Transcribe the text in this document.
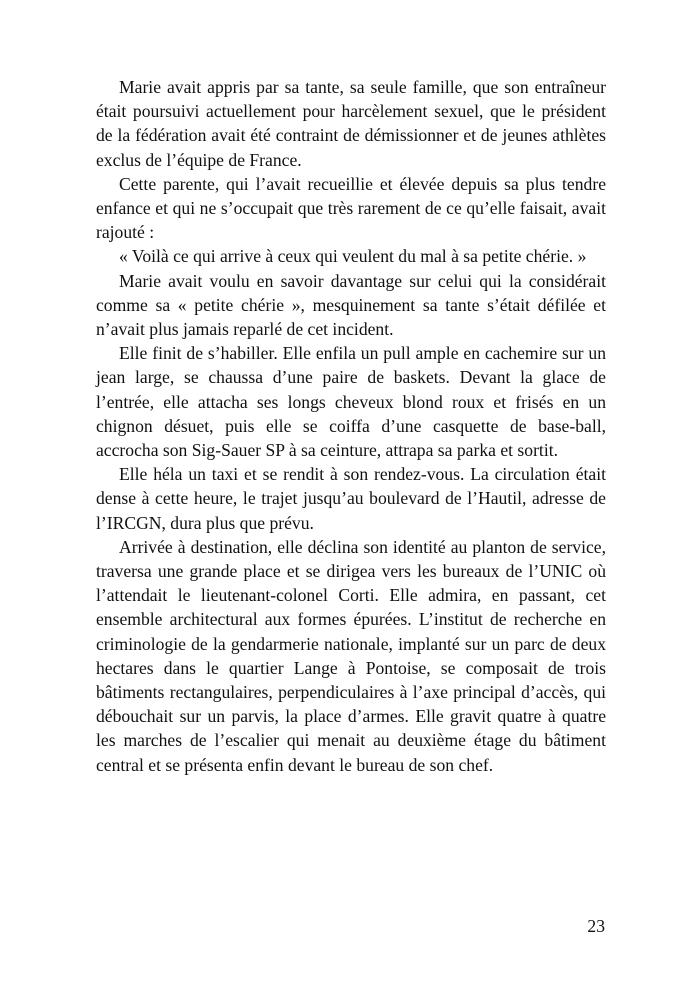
Marie avait appris par sa tante, sa seule famille, que son entraîneur était poursuivi actuellement pour harcèlement sexuel, que le président de la fédération avait été contraint de démissionner et de jeunes athlètes exclus de l’équipe de France.

Cette parente, qui l’avait recueillie et élevée depuis sa plus tendre enfance et qui ne s’occupait que très rarement de ce qu’elle faisait, avait rajouté :

« Voilà ce qui arrive à ceux qui veulent du mal à sa petite chérie. »

Marie avait voulu en savoir davantage sur celui qui la considérait comme sa « petite chérie », mesquinement sa tante s’était défilée et n’avait plus jamais reparlé de cet incident.

Elle finit de s’habiller. Elle enfila un pull ample en cachemire sur un jean large, se chaussa d’une paire de baskets. Devant la glace de l’entrée, elle attacha ses longs cheveux blond roux et frisés en un chignon désuet, puis elle se coiffa d’une casquette de base-ball, accrocha son Sig-Sauer SP à sa ceinture, attrapa sa parka et sortit.

Elle héla un taxi et se rendit à son rendez-vous. La circulation était dense à cette heure, le trajet jusqu’au boulevard de l’Hautil, adresse de l’IRCGN, dura plus que prévu.

Arrivée à destination, elle déclina son identité au planton de service, traversa une grande place et se dirigea vers les bureaux de l’UNIC où l’attendait le lieutenant-colonel Corti. Elle admira, en passant, cet ensemble architectural aux formes épurées. L’institut de recherche en criminologie de la gendarmerie nationale, implanté sur un parc de deux hectares dans le quartier Lange à Pontoise, se composait de trois bâtiments rectangulaires, perpendiculaires à l’axe principal d’accès, qui débouchait sur un parvis, la place d’armes. Elle gravit quatre à quatre les marches de l’escalier qui menait au deuxième étage du bâtiment central et se présenta enfin devant le bureau de son chef.

23
